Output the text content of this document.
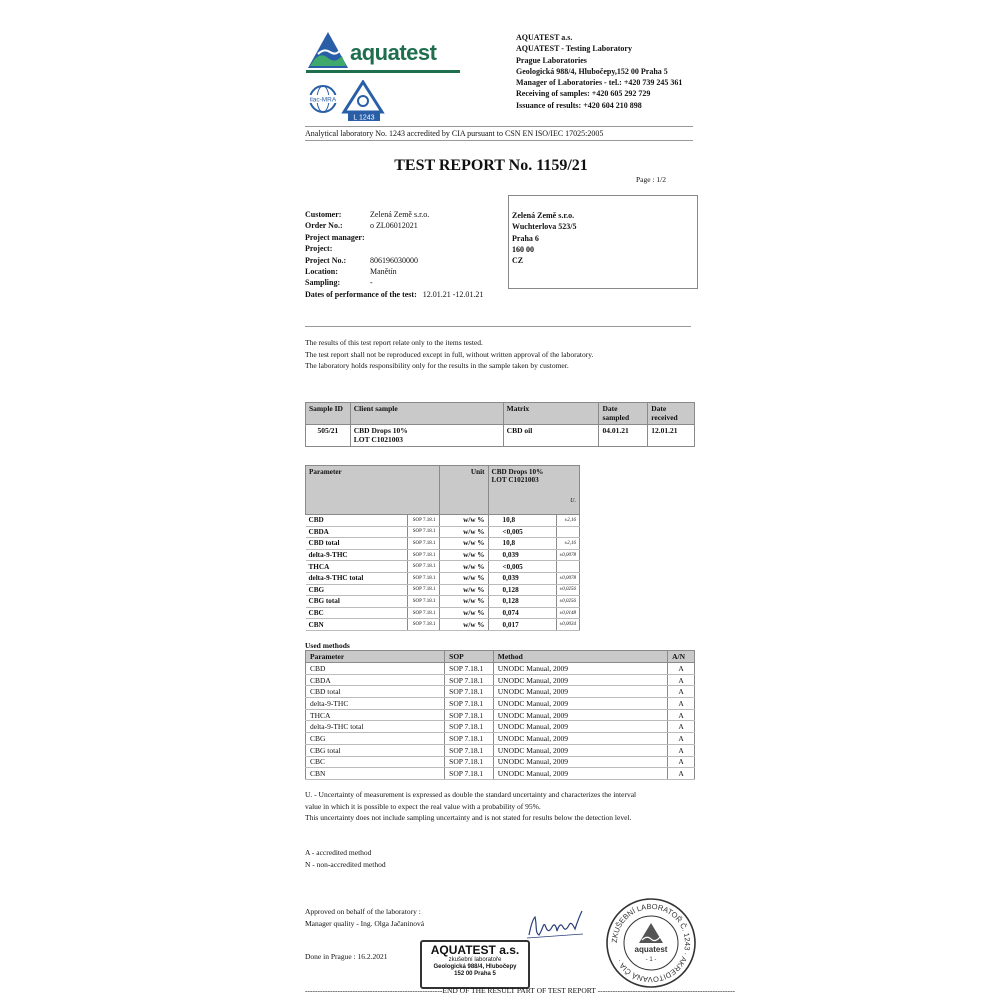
aquatest
ilac-MRA
L 1243
AQUATEST a.s.
AQUATEST - Testing Laboratory
Prague Laboratories
Geologická 988/4, Hlubočepy,152 00 Praha 5
Manager of Laboratories - tel.: +420 739 245 361
Receiving of samples: +420 605 292 729
Issuance of results: +420 604 210 898
Analytical laboratory No. 1243 accredited by CIA pursuant to CSN EN ISO/IEC 17025:2005
TEST REPORT No. 1159/21
Page : 1/2
Customer:	Zelená Země s.r.o.
Order No.:	o ZL06012021
Project manager:
Project:
Project No.:	806196030000
Location:	Manětín
Sampling:	-
Dates of performance of the test: 12.01.21 -12.01.21
Zelená Země s.r.o.
Wuchterlova 523/5
Praha 6
160 00
CZ
The results of this test report relate only to the items tested.
The test report shall not be reproduced except in full, without written approval of the laboratory.
The laboratory holds responsibility only for the results in the sample taken by customer.
Sample ID	Client sample	Matrix	Date sampled	Date received
505/21	CBD Drops 10%
LOT C1021003	CBD oil	04.01.21	12.01.21
Parameter		Unit	CBD Drops 10%
LOT C1021003
U.	

CBD	SOP 7.18.1	w/w %	10,8	±2,16
CBDA	SOP 7.18.1	w/w %	<0,005	
CBD total	SOP 7.18.1	w/w %	10,8	±2,16
delta-9-THC	SOP 7.18.1	w/w %	0,039	±0,0078
THCA	SOP 7.18.1	w/w %	<0,005	
delta-9-THC total	SOP 7.18.1	w/w %	0,039	±0,0078
CBG	SOP 7.18.1	w/w %	0,128	±0,0256
CBG total	SOP 7.18.1	w/w %	0,128	±0,0256
CBC	SOP 7.18.1	w/w %	0,074	±0,0148
CBN	SOP 7.18.1	w/w %	0,017	±0,0034
Used methods
Parameter	SOP	Method	A/N
CBD	SOP 7.18.1	UNODC Manual, 2009	A
CBDA	SOP 7.18.1	UNODC Manual, 2009	A
CBD total	SOP 7.18.1	UNODC Manual, 2009	A
delta-9-THC	SOP 7.18.1	UNODC Manual, 2009	A
THCA	SOP 7.18.1	UNODC Manual, 2009	A
delta-9-THC total	SOP 7.18.1	UNODC Manual, 2009	A
CBG	SOP 7.18.1	UNODC Manual, 2009	A
CBG total	SOP 7.18.1	UNODC Manual, 2009	A
CBC	SOP 7.18.1	UNODC Manual, 2009	A
CBN	SOP 7.18.1	UNODC Manual, 2009	A
U. - Uncertainty of measurement is expressed as double the standard uncertainty and characterizes the interval
value in which it is possible to expect the real value with a probability of 95%.
This uncertainty does not include sampling uncertainty and is not stated for results below the detection level.
A - accredited method
N - non-accredited method
Approved on behalf of the laboratory :
Manager quality - Ing. Olga Jačaninová
Done in Prague : 16.2.2021	AQUATEST a.s.
zkušební laboratoře
Geologická 988/4, Hlubočepy
152 00 Praha 5
ZKUŠEBNÍ LABORATOŘ Č. 1243 · AKREDITOVANÁ ČIA ·
aquatest
- 1 -
-------------------------------------------------------END OF THE RESULT PART OF TEST REPORT -------------------------------------------------------
